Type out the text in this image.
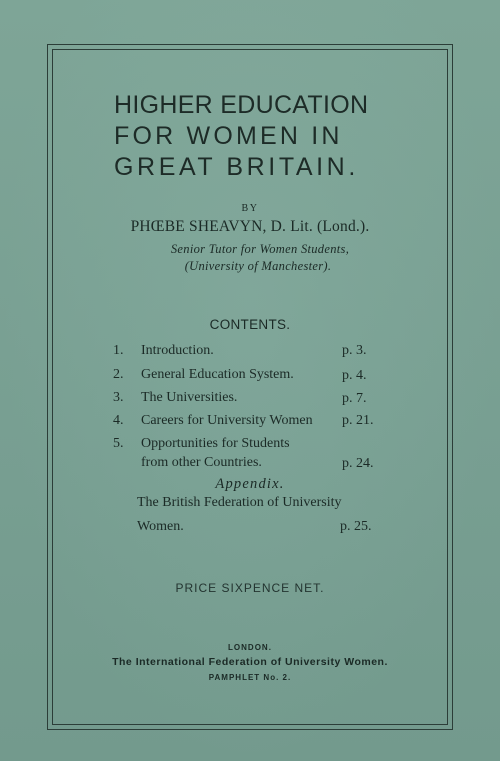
HIGHER EDUCATION
FOR WOMEN IN
GREAT BRITAIN.
BY
PHŒBE SHEAVYN, D. Lit. (Lond.).
Senior Tutor for Women Students,
(University of Manchester).
CONTENTS.
1. Introduction.	p. 3.
2. General Education System.	p. 4.
3. The Universities.	p. 7.
4. Careers for University Women p. 21.
5. Opportunities for Students
from other Countries.	p. 24.
Appendix.
The British Federation of University
Women.	p. 25.
PRICE SIXPENCE NET.
LONDON.
The International Federation of University Women.
PAMPHLET No. 2.
